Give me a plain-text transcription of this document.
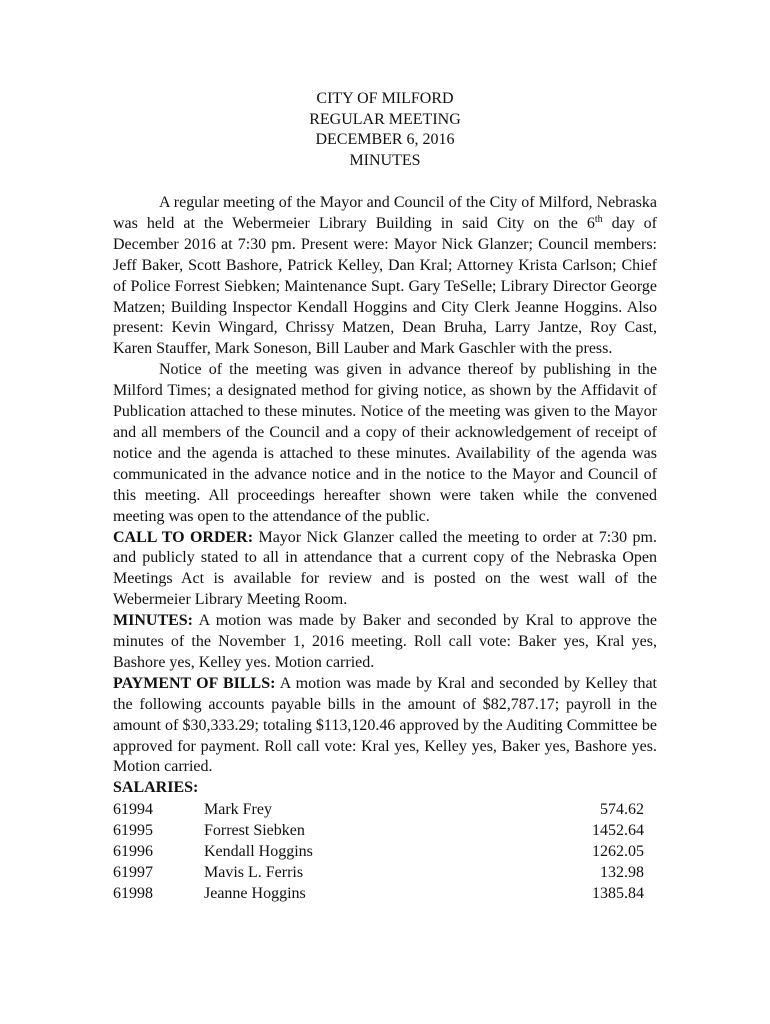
CITY OF MILFORD
REGULAR MEETING
DECEMBER 6, 2016
MINUTES

A regular meeting of the Mayor and Council of the City of Milford, Nebraska was held at the Webermeier Library Building in said City on the 6th day of December 2016 at 7:30 pm. Present were: Mayor Nick Glanzer; Council members: Jeff Baker, Scott Bashore, Patrick Kelley, Dan Kral; Attorney Krista Carlson; Chief of Police Forrest Siebken; Maintenance Supt. Gary TeSelle; Library Director George Matzen; Building Inspector Kendall Hoggins and City Clerk Jeanne Hoggins. Also present: Kevin Wingard, Chrissy Matzen, Dean Bruha, Larry Jantze, Roy Cast, Karen Stauffer, Mark Soneson, Bill Lauber and Mark Gaschler with the press.

Notice of the meeting was given in advance thereof by publishing in the Milford Times; a designated method for giving notice, as shown by the Affidavit of Publication attached to these minutes. Notice of the meeting was given to the Mayor and all members of the Council and a copy of their acknowledgement of receipt of notice and the agenda is attached to these minutes. Availability of the agenda was communicated in the advance notice and in the notice to the Mayor and Council of this meeting. All proceedings hereafter shown were taken while the convened meeting was open to the attendance of the public.

CALL TO ORDER: Mayor Nick Glanzer called the meeting to order at 7:30 pm. and publicly stated to all in attendance that a current copy of the Nebraska Open Meetings Act is available for review and is posted on the west wall of the Webermeier Library Meeting Room.

MINUTES: A motion was made by Baker and seconded by Kral to approve the minutes of the November 1, 2016 meeting. Roll call vote: Baker yes, Kral yes, Bashore yes, Kelley yes. Motion carried.

PAYMENT OF BILLS: A motion was made by Kral and seconded by Kelley that the following accounts payable bills in the amount of $82,787.17; payroll in the amount of $30,333.29; totaling $113,120.46 approved by the Auditing Committee be approved for payment. Roll call vote: Kral yes, Kelley yes, Baker yes, Bashore yes. Motion carried.

SALARIES:
61994	Mark Frey	574.62
61995	Forrest Siebken	1452.64
61996	Kendall Hoggins	1262.05
61997	Mavis L. Ferris	132.98
61998	Jeanne Hoggins	1385.84
